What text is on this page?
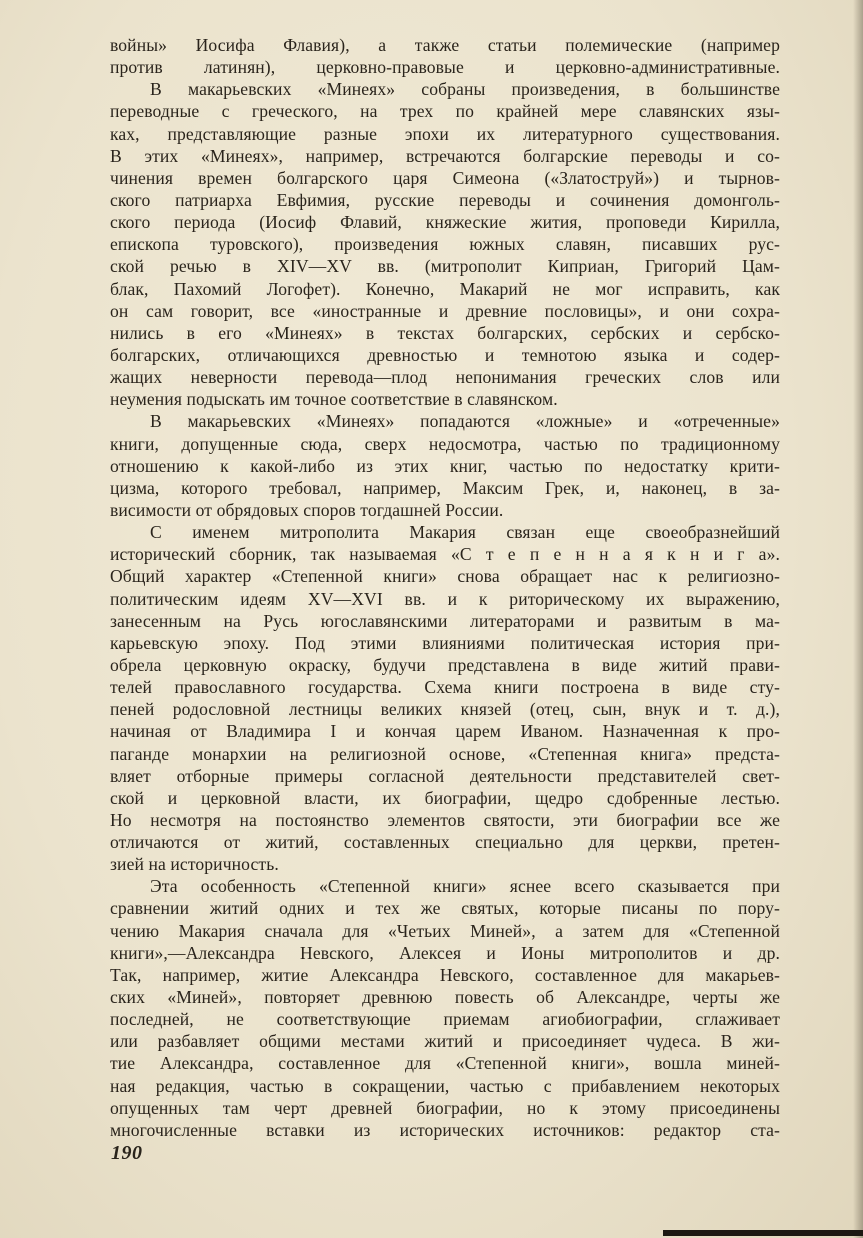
войны» Иосифа Флавия), а также статьи полемические (например
против латинян), церковно-правовые и церковно-административные.
В макарьевских «Минеях» собраны произведения, в большинстве
переводные с греческого, на трех по крайней мере славянских язы-
ках, представляющие разные эпохи их литературного существования.
В этих «Минеях», например, встречаются болгарские переводы и со-
чинения времен болгарского царя Симеона («Златоструй») и тырнов-
ского патриарха Евфимия, русские переводы и сочинения домонголь-
ского периода (Иосиф Флавий, княжеские жития, проповеди Кирилла,
епископа туровского), произведения южных славян, писавших рус-
ской речью в XIV—XV вв. (митрополит Киприан, Григорий Цам-
блак, Пахомий Логофет). Конечно, Макарий не мог исправить, как
он сам говорит, все «иностранные и древние пословицы», и они сохра-
нились в его «Минеях» в текстах болгарских, сербских и сербско-
болгарских, отличающихся древностью и темнотою языка и содер-
жащих неверности перевода—плод непонимания греческих слов или
неумения подыскать им точное соответствие в славянском.
В макарьевских «Минеях» попадаются «ложные» и «отреченные»
книги, допущенные сюда, сверх недосмотра, частью по традиционному
отношению к какой-либо из этих книг, частью по недостатку крити-
цизма, которого требовал, например, Максим Грек, и, наконец, в за-
висимости от обрядовых споров тогдашней России.
С именем митрополита Макария связан еще своеобразнейший
исторический сборник, так называемая «С т е п е н н а я к н и г а».
Общий характер «Степенной книги» снова обращает нас к религиозно-
политическим идеям XV—XVI вв. и к риторическому их выражению,
занесенным на Русь югославянскими литераторами и развитым в ма-
карьевскую эпоху. Под этими влияниями политическая история при-
обрела церковную окраску, будучи представлена в виде житий прави-
телей православного государства. Схема книги построена в виде сту-
пеней родословной лестницы великих князей (отец, сын, внук и т. д.),
начиная от Владимира I и кончая царем Иваном. Назначенная к про-
паганде монархии на религиозной основе, «Степенная книга» предста-
вляет отборные примеры согласной деятельности представителей свет-
ской и церковной власти, их биографии, щедро сдобренные лестью.
Но несмотря на постоянство элементов святости, эти биографии все же
отличаются от житий, составленных специально для церкви, претен-
зией на историчность.
Эта особенность «Степенной книги» яснее всего сказывается при
сравнении житий одних и тех же святых, которые писаны по пору-
чению Макария сначала для «Четьих Миней», а затем для «Степенной
книги»,—Александра Невского, Алексея и Ионы митрополитов и др.
Так, например, житие Александра Невского, составленное для макарьев-
ских «Миней», повторяет древнюю повесть об Александре, черты же
последней, не соответствующие приемам агиобиографии, сглаживает
или разбавляет общими местами житий и присоединяет чудеса. В жи-
тие Александра, составленное для «Степенной книги», вошла миней-
ная редакция, частью в сокращении, частью с прибавлением некоторых
опущенных там черт древней биографии, но к этому присоединены
многочисленные вставки из исторических источников: редактор ста-
190
